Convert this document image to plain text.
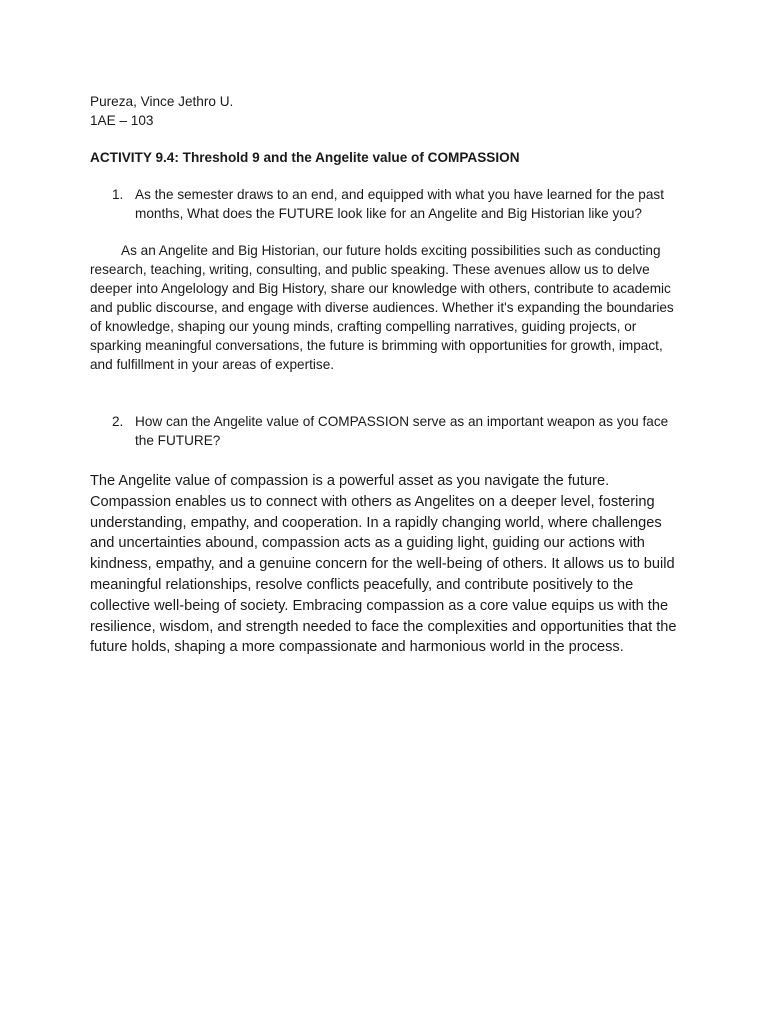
Pureza, Vince Jethro U.

1AE – 103

ACTIVITY 9.4: Threshold 9 and the Angelite value of COMPASSION

1. As the semester draws to an end, and equipped with what you have learned for the past months, What does the FUTURE look like for an Angelite and Big Historian like you?

As an Angelite and Big Historian, our future holds exciting possibilities such as conducting research, teaching, writing, consulting, and public speaking. These avenues allow us to delve deeper into Angelology and Big History, share our knowledge with others, contribute to academic and public discourse, and engage with diverse audiences. Whether it's expanding the boundaries of knowledge, shaping our young minds, crafting compelling narratives, guiding projects, or sparking meaningful conversations, the future is brimming with opportunities for growth, impact, and fulfillment in your areas of expertise.

2. How can the Angelite value of COMPASSION serve as an important weapon as you face the FUTURE?

The Angelite value of compassion is a powerful asset as you navigate the future. Compassion enables us to connect with others as Angelites on a deeper level, fostering understanding, empathy, and cooperation. In a rapidly changing world, where challenges and uncertainties abound, compassion acts as a guiding light, guiding our actions with kindness, empathy, and a genuine concern for the well-being of others. It allows us to build meaningful relationships, resolve conflicts peacefully, and contribute positively to the collective well-being of society. Embracing compassion as a core value equips us with the resilience, wisdom, and strength needed to face the complexities and opportunities that the future holds, shaping a more compassionate and harmonious world in the process.
